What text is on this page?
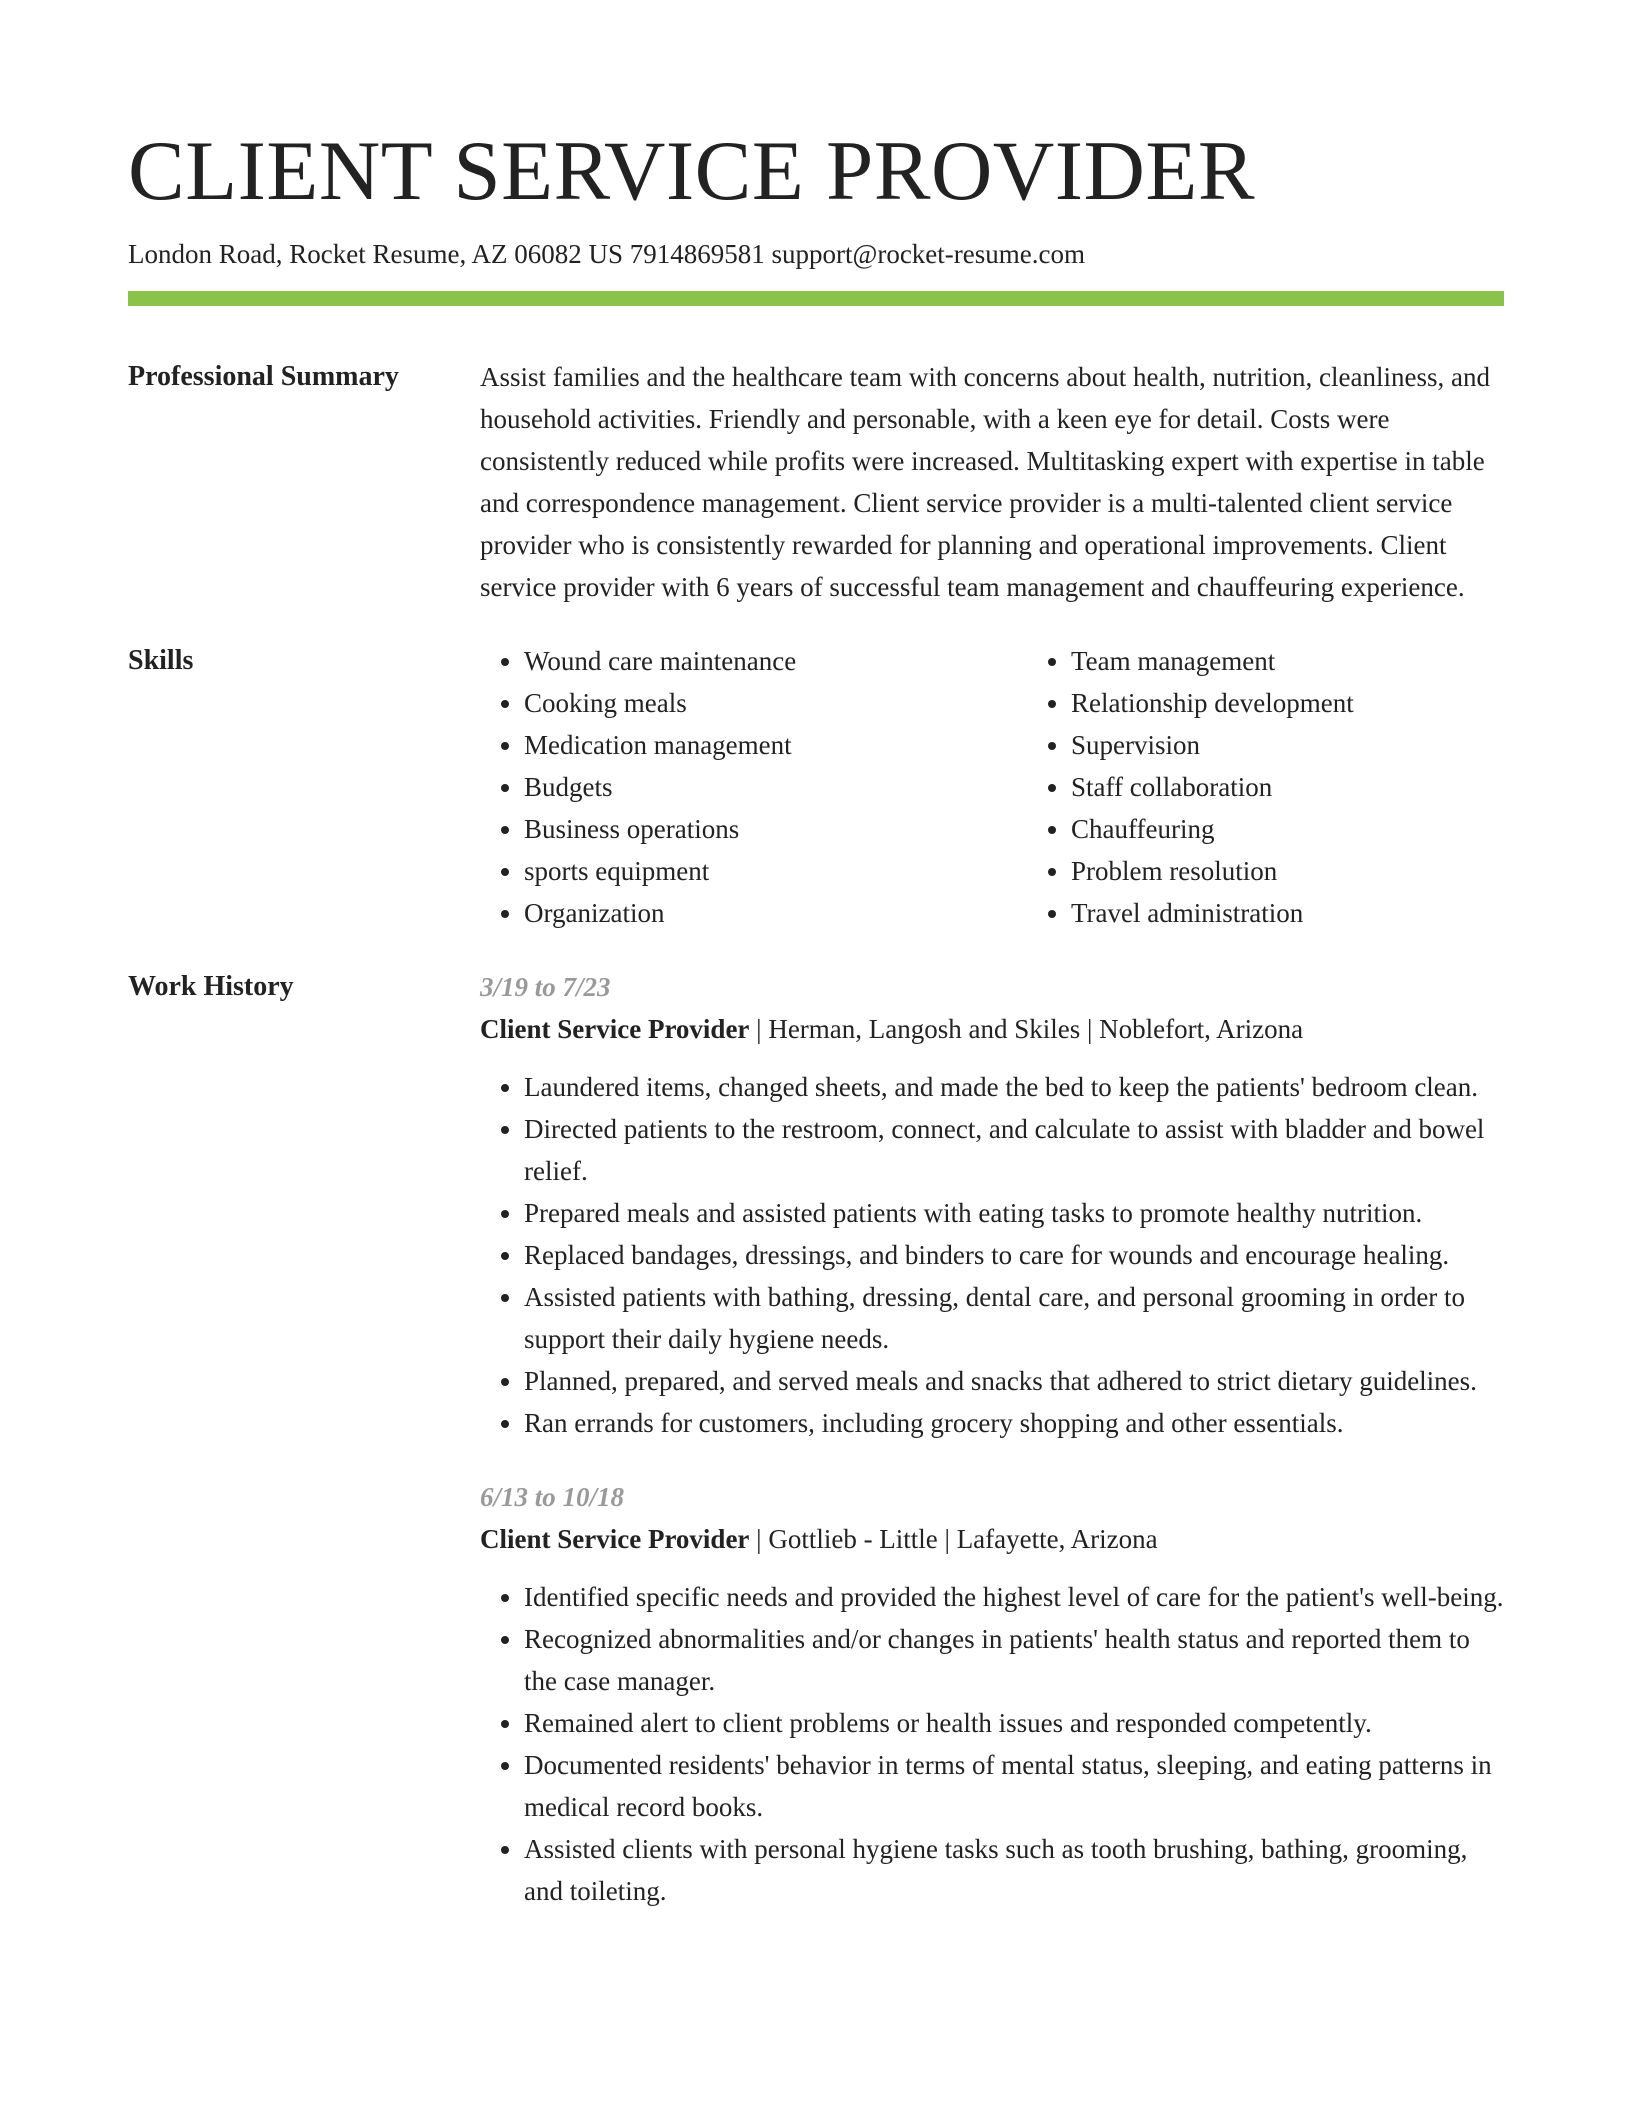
CLIENT SERVICE PROVIDER
London Road, Rocket Resume, AZ 06082 US 7914869581 support@rocket-resume.com
Professional Summary	Assist families and the healthcare team with concerns about health, nutrition, cleanliness, and household activities. Friendly and personable, with a keen eye for detail. Costs were consistently reduced while profits were increased. Multitasking expert with expertise in table and correspondence management. Client service provider is a multi-talented client service provider who is consistently rewarded for planning and operational improvements. Client service provider with 6 years of successful team management and chauffeuring experience.
Skills
•	Wound care maintenance
• Cooking meals
• Medication management
• Budgets
• Business operations
• sports equipment
• Organization
• Team management
• Relationship development
• Supervision
• Staff collaboration
• Chauffeuring
• Problem resolution
• Travel administration
Work History	3/19 to 7/23
Client Service Provider | Herman, Langosh and Skiles | Noblefort, Arizona
• Laundered items, changed sheets, and made the bed to keep the patients' bedroom clean.
• Directed patients to the restroom, connect, and calculate to assist with bladder and bowel relief.
• Prepared meals and assisted patients with eating tasks to promote healthy nutrition.
• Replaced bandages, dressings, and binders to care for wounds and encourage healing.
• Assisted patients with bathing, dressing, dental care, and personal grooming in order to support their daily hygiene needs.
• Planned, prepared, and served meals and snacks that adhered to strict dietary guidelines.
• Ran errands for customers, including grocery shopping and other essentials.
6/13 to 10/18
Client Service Provider | Gottlieb - Little | Lafayette, Arizona
• Identified specific needs and provided the highest level of care for the patient's well-being.
• Recognized abnormalities and/or changes in patients' health status and reported them to the case manager.
• Remained alert to client problems or health issues and responded competently.
• Documented residents' behavior in terms of mental status, sleeping, and eating patterns in medical record books.
• Assisted clients with personal hygiene tasks such as tooth brushing, bathing, grooming, and toileting.
